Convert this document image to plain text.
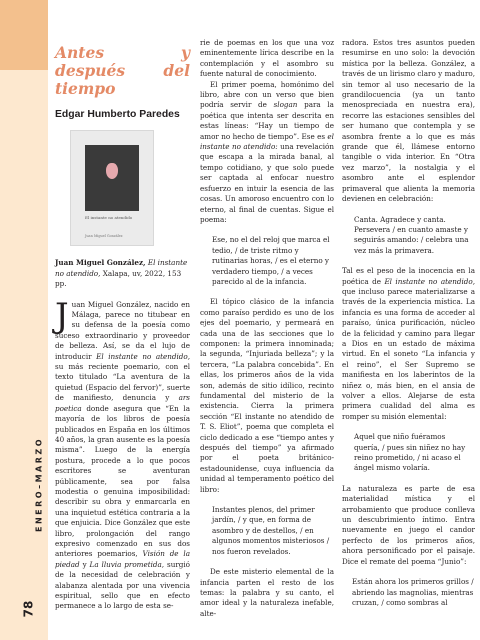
ENERO–MARZO
78
Antes y después del tiempo
Edgar Humberto Paredes
El instante no atendido
Juan Miguel González

Juan Miguel González, El instante no atendido, Xalapa, uv, 2022, 153 pp.

Juan Miguel González, nacido en Málaga, parece no titubear en su defensa de la poesía como suceso extraordinario y proveedor de belleza. Así, se da el lujo de introducir El instante no atendido, su más reciente poemario, con el texto titulado “La aventura de la quietud (Espacio del fervor)”, suerte de manifiesto, denuncia y ars poetica donde asegura que “En la mayoría de los libros de poesía publicados en España en los últimos 40 años, la gran ausente es la poesía misma”. Luego de la energía postura, procede a lo que pocos escritores se aventuran públicamente, sea por falsa modestia o genuina imposibilidad: describir su obra y enmarcarla en una inquietud estética contraria a la que enjuicia. Dice González que este libro, prolongación del rango expresivo comenzado en sus dos anteriores poemarios, Visión de la piedad y La lluvia prometida, surgió de la necesidad de celebración y alabanza alentada por una vivencia espiritual, sello que en efecto permanece a lo largo de esta se-

rie de poemas en los que una voz eminentemente lírica describe en la contemplación y el asombro su fuente natural de conocimiento.

El primer poema, homónimo del libro, abre con un verso que bien podría servir de slogan para la poética que intenta ser descrita en estas líneas: “Hay un tiempo de amor no hecho de tiempo”. Ese es el instante no atendido: una revelación que escapa a la mirada banal, al tempo cotidiano, y que solo puede ser captada al enfocar nuestro esfuerzo en intuir la esencia de las cosas. Un amoroso encuentro con lo eterno, al final de cuentas. Sigue el poema:

Ese, no el del reloj que marca el tedio, / de triste ritmo y rutinarias horas, / es el eterno y verdadero tiempo, / a veces parecido al de la infancia.

El tópico clásico de la infancia como paraíso perdido es uno de los ejes del poemario, y permeará en cada una de las secciones que lo componen: la primera innominada; la segunda, “Injuriada belleza”; y la tercera, “La palabra concebida”. En ellas, los primeros años de la vida son, además de sitio idílico, recinto fundamental del misterio de la existencia. Cierra la primera sección “El instante no atendido de T. S. Eliot”, poema que completa el ciclo dedicado a ese “tiempo antes y después del tiempo” ya afirmado por el poeta británico-estadounidense, cuya influencia da unidad al temperamento poético del libro:

Instantes plenos, del primer jardín, / y que, en forma de asombro y de destellos, / en algunos momentos misteriosos / nos fueron revelados.

De este misterio elemental de la infancia parten el resto de los temas: la palabra y su canto, el amor ideal y la naturaleza inefable, alte-

radora. Estos tres asuntos pueden resumirse en uno solo: la devoción mística por la belleza. González, a través de un lirismo claro y maduro, sin temor al uso necesario de la grandilocuencia (ya un tanto menospreciada en nuestra era), recorre las estaciones sensibles del ser humano que contempla y se asombra frente a lo que es más grande que él, llámese entorno tangible o vida interior. En “Otra vez marzo”, la nostalgia y el asombro ante el esplendor primaveral que alienta la memoria devienen en celebración:

Canta. Agradece y canta. Persevera / en cuanto amaste y seguirás amando: / celebra una vez más la primavera.

Tal es el peso de la inocencia en la poética de El instante no atendido, que incluso parece materializarse a través de la experiencia mística. La infancia es una forma de acceder al paraíso, única purificación, núcleo de la felicidad y camino para llegar a Dios en un estado de máxima virtud. En el soneto “La infancia y el reino”, el Ser Supremo se manifiesta en los laberintos de la niñez o, más bien, en el ansia de volver a ellos. Alejarse de esta primera cualidad del alma es romper su misión elemental:

Aquel que niño fuéramos quería, / pues sin niñez no hay reino prometido, / ni acaso el ángel mismo volaría.

La naturaleza es parte de esa materialidad mística y el arrobamiento que produce conlleva un descubrimiento íntimo. Entra nuevamente en juego el candor perfecto de los primeros años, ahora personificado por el paisaje. Dice el remate del poema “Junio”:

Están ahora los primeros grillos / abriendo las magnolias, mientras cruzan, / como sombras al
